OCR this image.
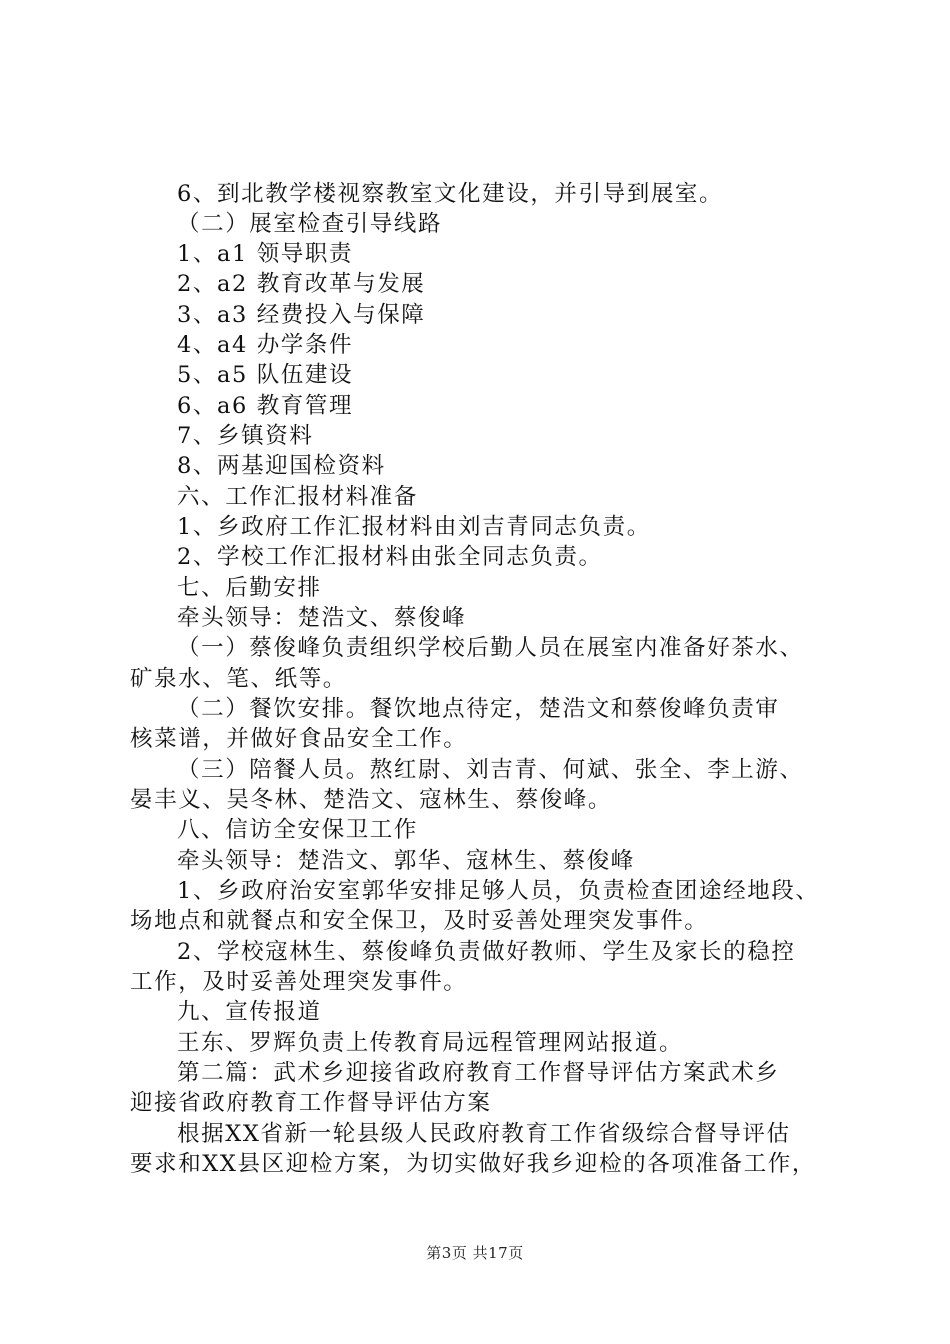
6、到北教学楼视察教室文化建设，并引导到展室。
（二）展室检查引导线路
1、a1 领导职责
2、a2 教育改革与发展
3、a3 经费投入与保障
4、a4 办学条件
5、a5 队伍建设
6、a6 教育管理
7、乡镇资料
8、两基迎国检资料
六、工作汇报材料准备
1、乡政府工作汇报材料由刘吉青同志负责。
2、学校工作汇报材料由张全同志负责。
七、后勤安排
牵头领导：楚浩文、蔡俊峰
（一）蔡俊峰负责组织学校后勤人员在展室内准备好茶水、
矿泉水、笔、纸等。
（二）餐饮安排。餐饮地点待定，楚浩文和蔡俊峰负责审
核菜谱，并做好食品安全工作。
（三）陪餐人员。熬红尉、刘吉青、何斌、张全、李上游、
晏丰义、吴冬林、楚浩文、寇林生、蔡俊峰。
八、信访全安保卫工作
牵头领导：楚浩文、郭华、寇林生、蔡俊峰
1、乡政府治安室郭华安排足够人员，负责检查团途经地段、
场地点和就餐点和安全保卫，及时妥善处理突发事件。
2、学校寇林生、蔡俊峰负责做好教师、学生及家长的稳控
工作，及时妥善处理突发事件。
九、宣传报道
王东、罗辉负责上传教育局远程管理网站报道。
第二篇：武术乡迎接省政府教育工作督导评估方案武术乡
迎接省政府教育工作督导评估方案
根据XX省新一轮县级人民政府教育工作省级综合督导评估
要求和XX县区迎检方案，为切实做好我乡迎检的各项准备工作，
第3页 共17页
